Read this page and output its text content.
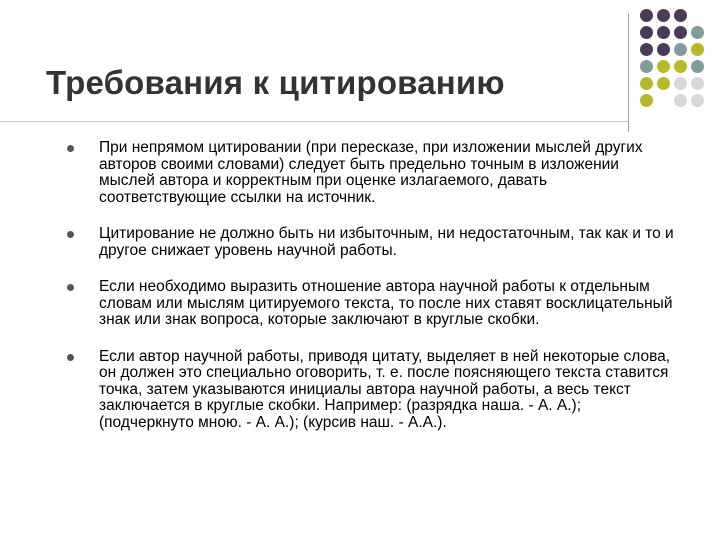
Требования к цитированию
При непрямом цитировании (при пересказе, при изложении мыслей других авторов своими словами) следует быть предельно точным в изложении мыслей автора и корректным при оценке излагаемого, давать соответствующие ссылки на источник.
Цитирование не должно быть ни избыточным, ни недостаточным, так как и то и другое снижает уровень научной работы.
Если необходимо выразить отношение автора научной работы к отдельным словам или мыслям цитируемого текста, то после них ставят восклицательный знак или знак вопроса, которые заключают в круглые скобки.
Если автор научной работы, приводя цитату, выделяет в ней некоторые слова, он должен это специально оговорить, т. е. после поясняющего текста ставится точка, затем указываются инициалы автора научной работы, а весь текст заключается в круглые скобки. Например: (разрядка наша. - А. А.); (подчеркнуто мною. - А. А.); (курсив наш. - А.А.).
